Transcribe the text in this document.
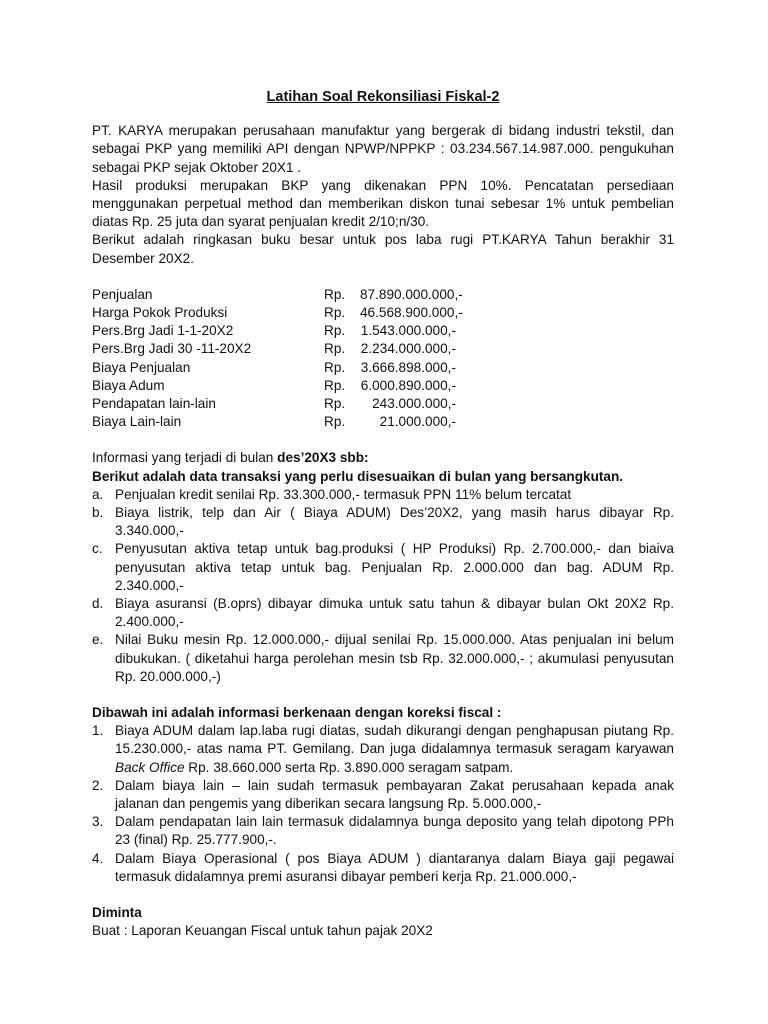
Latihan Soal Rekonsiliasi Fiskal-2

PT. KARYA merupakan perusahaan manufaktur yang bergerak di bidang industri tekstil, dan sebagai PKP yang memiliki API dengan NPWP/NPPKP : 03.234.567.14.987.000. pengukuhan sebagai PKP sejak Oktober 20X1 .

Hasil produksi merupakan BKP yang dikenakan PPN 10%. Pencatatan persediaan menggunakan perpetual method dan memberikan diskon tunai sebesar 1% untuk pembelian diatas Rp. 25 juta dan syarat penjualan kredit 2/10;n/30.

Berikut adalah ringkasan buku besar untuk pos laba rugi PT.KARYA Tahun berakhir 31 Desember 20X2.

Penjualan	Rp.	87.890.000.000,-
Harga Pokok Produksi	Rp.	46.568.900.000,-
Pers.Brg Jadi 1-1-20X2	Rp.	1.543.000.000,-
Pers.Brg Jadi 30 -11-20X2	Rp.	2.234.000.000,-
Biaya Penjualan	Rp.	3.666.898.000,-
Biaya Adum	Rp.	6.000.890.000,-
Pendapatan lain-lain	Rp.	243.000.000,-
Biaya Lain-lain	Rp.	21.000.000,-

Informasi yang terjadi di bulan des’20X3 sbb:

Berikut adalah data transaksi yang perlu disesuaikan di bulan yang bersangkutan.

a. Penjualan kredit senilai Rp. 33.300.000,- termasuk PPN 11% belum tercatat
b. Biaya listrik, telp dan Air ( Biaya ADUM) Des’20X2, yang masih harus dibayar Rp. 3.340.000,-
c. Penyusutan aktiva tetap untuk bag.produksi ( HP Produksi) Rp. 2.700.000,- dan biaiva penyusutan aktiva tetap untuk bag. Penjualan Rp. 2.000.000 dan bag. ADUM Rp. 2.340.000,-
d. Biaya asuransi (B.oprs) dibayar dimuka untuk satu tahun & dibayar bulan Okt 20X2 Rp. 2.400.000,-
e. Nilai Buku mesin Rp. 12.000.000,- dijual senilai Rp. 15.000.000. Atas penjualan ini belum dibukukan. ( diketahui harga perolehan mesin tsb Rp. 32.000.000,- ; akumulasi penyusutan Rp. 20.000.000,-)

Dibawah ini adalah informasi berkenaan dengan koreksi fiscal :

1. Biaya ADUM dalam lap.laba rugi diatas, sudah dikurangi dengan penghapusan piutang Rp. 15.230.000,- atas nama PT. Gemilang. Dan juga didalamnya termasuk seragam karyawan Back Office Rp. 38.660.000 serta Rp. 3.890.000 seragam satpam.
2. Dalam biaya lain – lain sudah termasuk pembayaran Zakat perusahaan kepada anak jalanan dan pengemis yang diberikan secara langsung Rp. 5.000.000,-
3. Dalam pendapatan lain lain termasuk didalamnya bunga deposito yang telah dipotong PPh 23 (final) Rp. 25.777.900,-.
4. Dalam Biaya Operasional ( pos Biaya ADUM ) diantaranya dalam Biaya gaji pegawai termasuk didalamnya premi asuransi dibayar pemberi kerja Rp. 21.000.000,-

Diminta

Buat : Laporan Keuangan Fiscal untuk tahun pajak 20X2
